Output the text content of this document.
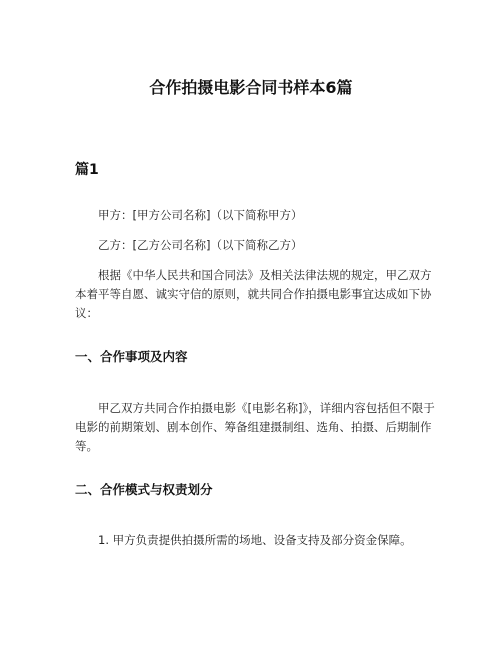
合作拍摄电影合同书样本6篇
篇1

甲方：[甲方公司名称]（以下简称甲方）

乙方：[乙方公司名称]（以下简称乙方）

根据《中华人民共和国合同法》及相关法律法规的规定，甲乙双方本着平等自愿、诚实守信的原则，就共同合作拍摄电影事宜达成如下协议：

一、合作事项及内容

甲乙双方共同合作拍摄电影《[电影名称]》，详细内容包括但不限于电影的前期策划、剧本创作、筹备组建摄制组、选角、拍摄、后期制作等。

二、合作模式与权责划分

1. 甲方负责提供拍摄所需的场地、设备支持及部分资金保障。
